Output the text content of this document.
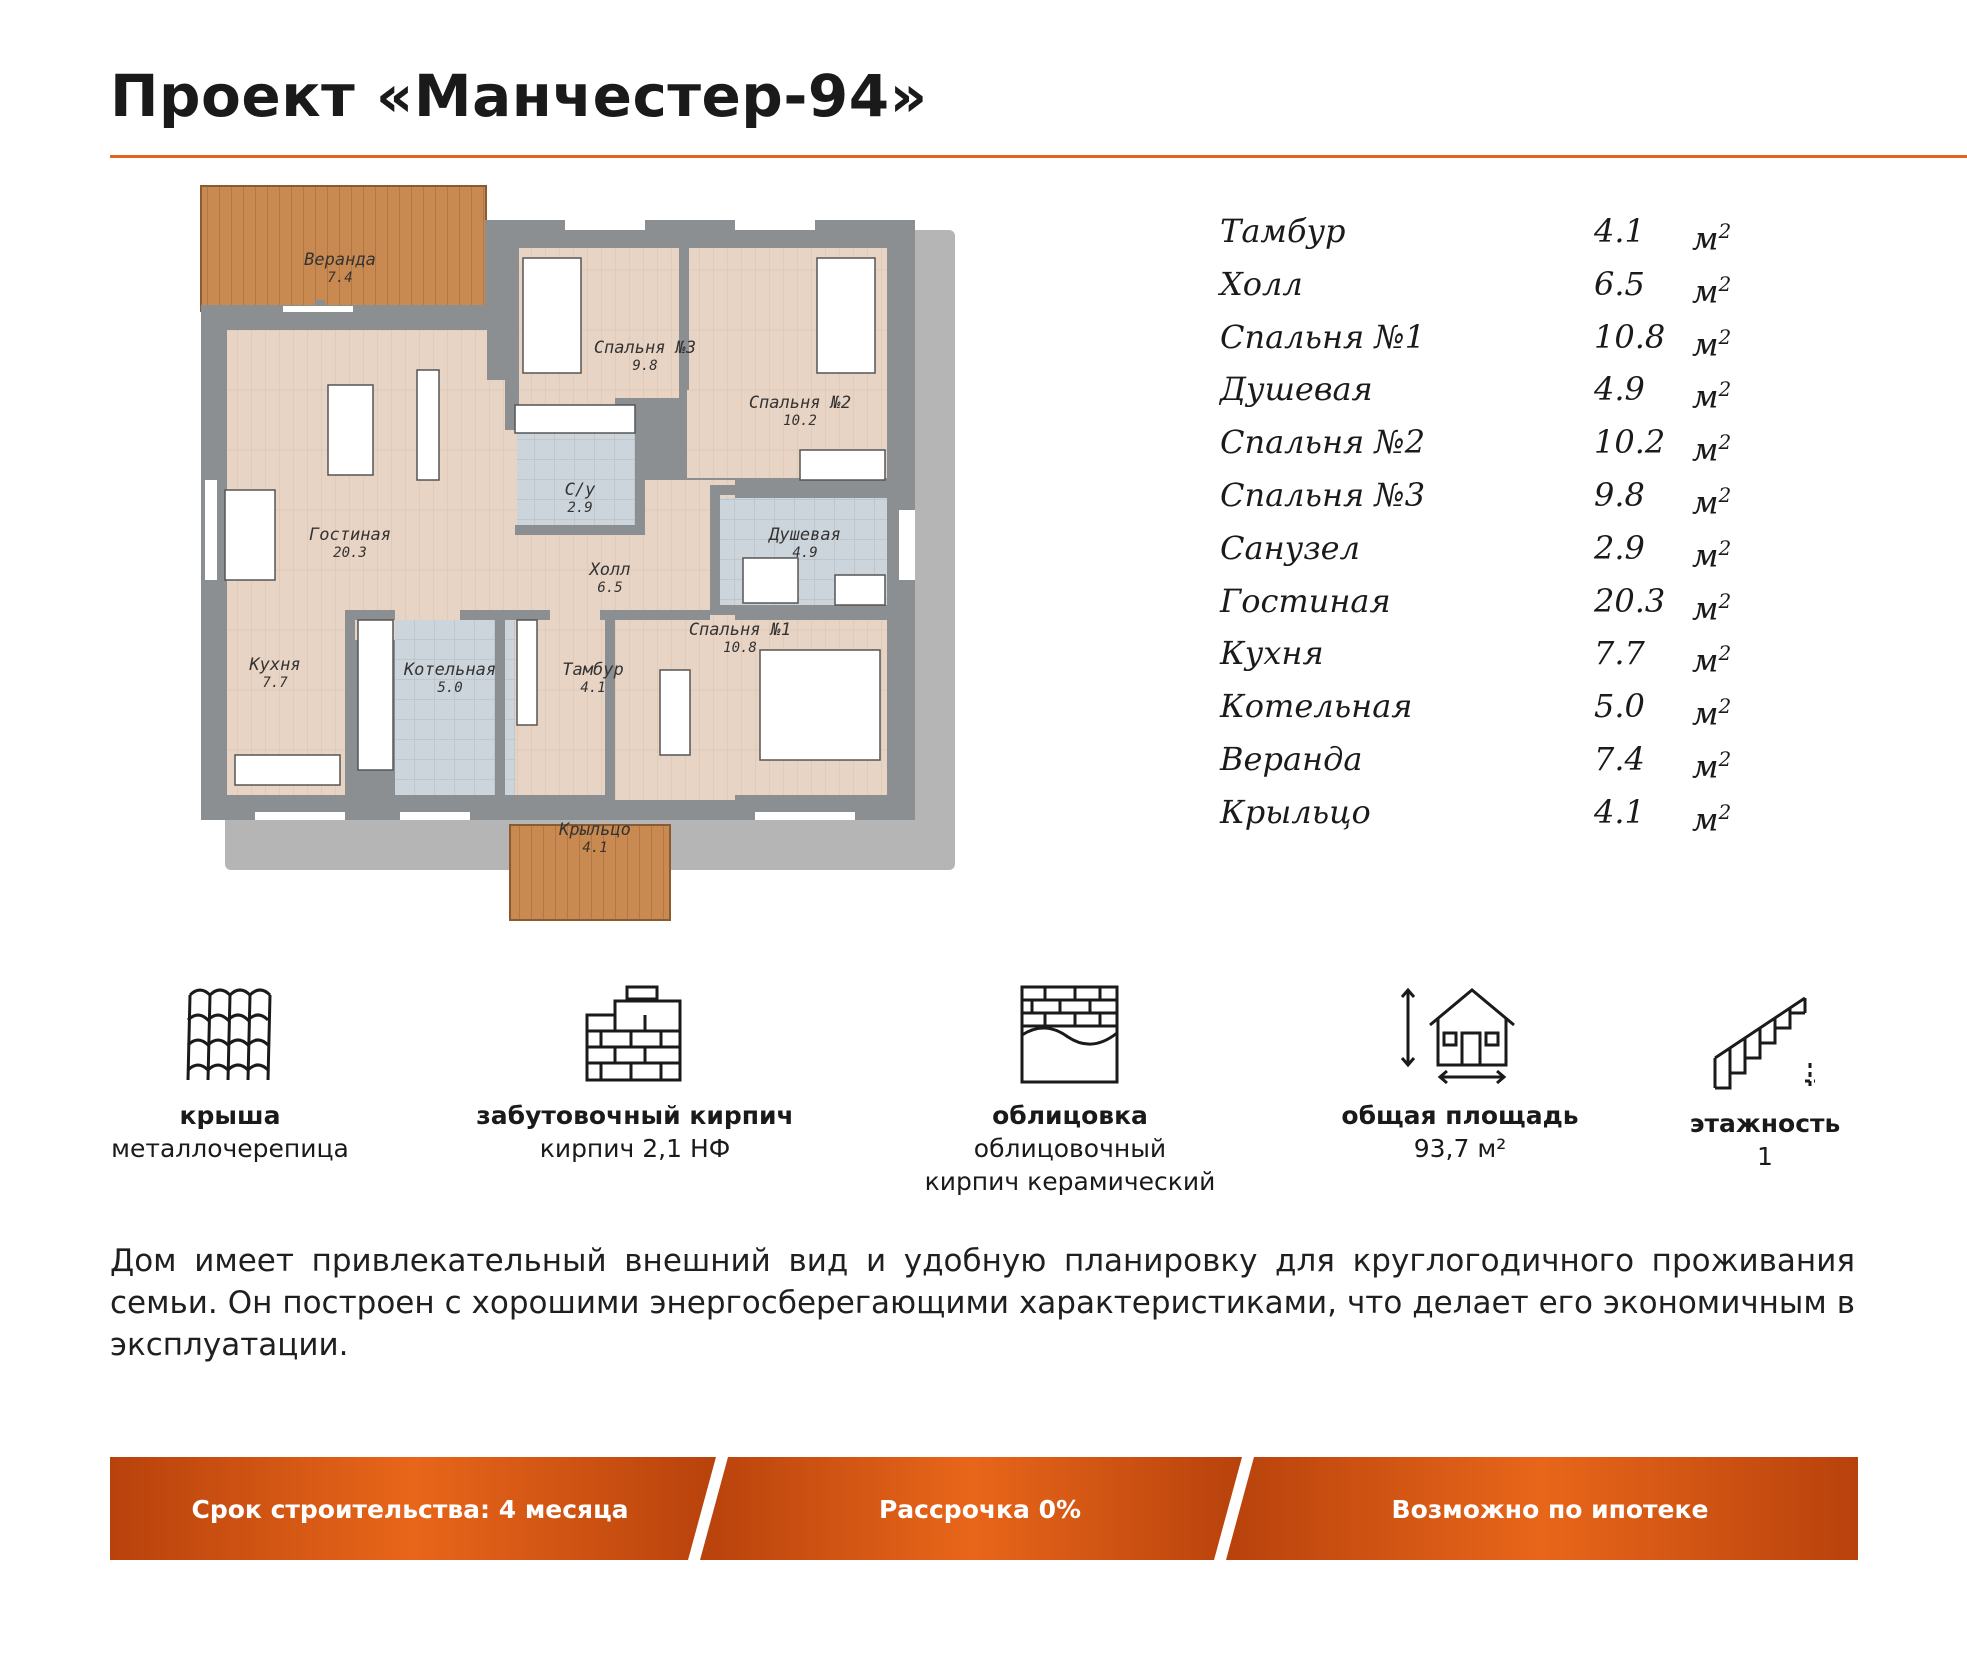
Проект «Манчестер-94»
Веранда
7.4
Спальня №3
9.8
Спальня №2
10.2
С/у
2.9
Душевая
4.9
Гостиная
20.3
Холл
6.5
Спальня №1
10.8
Кухня
7.7
Котельная
5.0
Тамбур
4.1
Крыльцо
4.1
Тамбур	4.1 $м^2$
Холл	6.5 $м^2$
Спальня №1	10.8 $м^2$
Душевая	4.9 $м^2$
Спальня №2	10.2 $м^2$
Спальня №3	9.8 $м^2$
Санузел	2.9 $м^2$
Гостиная	20.3 $м^2$
Кухня	7.7 $м^2$
Котельная	5.0 $м^2$
Веранда	7.4 $м^2$
Крыльцо	4.1 $м^2$
крыша
металлочерепица
забутовочный кирпич
кирпич 2,1 НФ
облицовка
облицовочный
кирпич керамический
общая площадь
93,7 м²
этажность
1
Дом имеет привлекательный внешний вид и удобную планировку для круглогодичного проживания семьи. Он построен с хорошими энергосберегающими характеристиками, что делает его экономичным в эксплуатации.
Срок строительства: 4 месяца	Рассрочка 0%	Возможно по ипотеке
